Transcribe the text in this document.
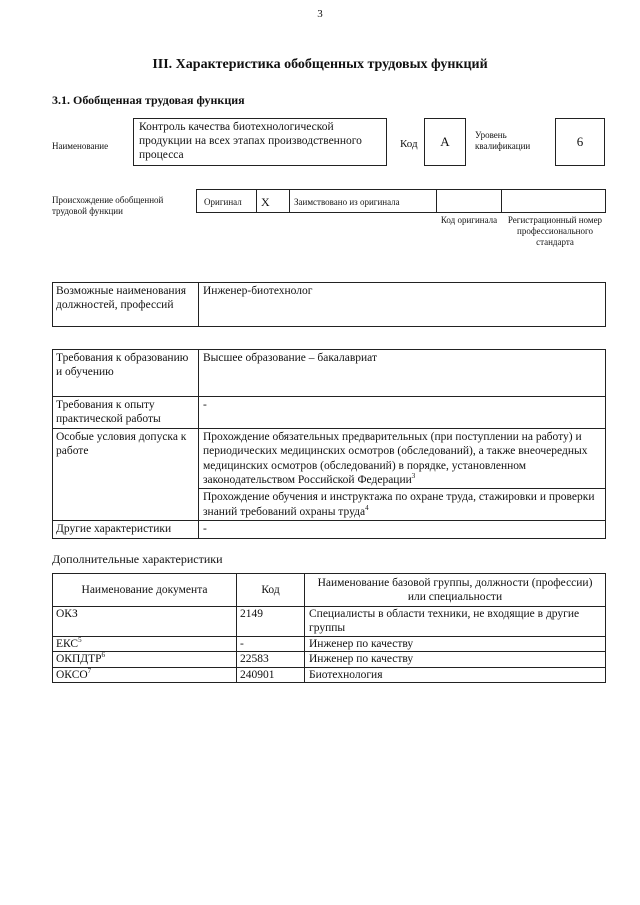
3
III. Характеристика обобщенных трудовых функций
3.1. Обобщенная трудовая функция
Наименование
Контроль качества биотехнологической продукции на всех этапах производственного процесса
Код	А	Уровень квалификации	6
Происхождение обобщенной трудовой функции
Оригинал X	Заимствовано из оригинала
Код оригинала	Регистрационный номер профессионального стандарта
Возможные наименования должностей, профессий	Инженер-биотехнолог
Требования к образованию и обучению	Высшее образование – бакалавриат
Требования к опыту практической работы	-
Особые условия допуска к работе	Прохождение обязательных предварительных (при поступлении на работу) и периодических медицинских осмотров (обследований), а также внеочередных медицинских осмотров (обследований) в порядке, установленном законодательством Российской Федерации$^3$
	Прохождение обучения и инструктажа по охране труда, стажировки и проверки знаний требований охраны труда$^4$
Другие характеристики	-
Дополнительные характеристики
Наименование документа	Код	Наименование базовой группы, должности (профессии) или специальности
ОКЗ	2149	Специалисты в области техники, не входящие в другие группы
ЕКС$^5$	-	Инженер по качеству
ОКПДТР$^6$	22583	Инженер по качеству
ОКСО$^7$	240901	Биотехнология
